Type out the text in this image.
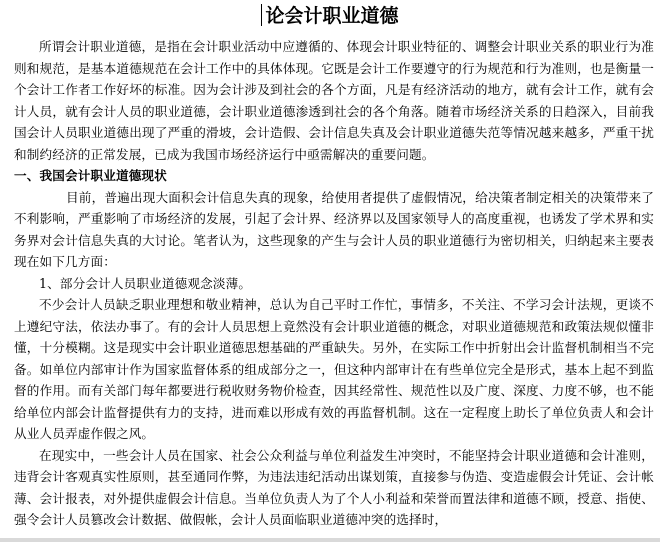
论会计职业道德

所谓会计职业道德，是指在会计职业活动中应遵循的、体现会计职业特征的、调整会计职业关系的职业行为准则和规范，是基本道德规范在会计工作中的具体体现。它既是会计工作要遵守的行为规范和行为准则，也是衡量一个会计工作者工作好坏的标准。因为会计涉及到社会的各个方面，凡是有经济活动的地方，就有会计工作，就有会计人员，就有会计人员的职业道德，会计职业道德渗透到社会的各个角落。随着市场经济关系的日趋深入，目前我国会计人员职业道德出现了严重的滑坡，会计造假、会计信息失真及会计职业道德失范等情况越来越多，严重干扰和制约经济的正常发展，已成为我国市场经济运行中亟需解决的重要问题。

一、我国会计职业道德现状

目前，普遍出现大面积会计信息失真的现象，给使用者提供了虚假情况，给决策者制定相关的决策带来了不利影响，严重影响了市场经济的发展，引起了会计界、经济界以及国家领导人的高度重视，也诱发了学术界和实务界对会计信息失真的大讨论。笔者认为，这些现象的产生与会计人员的职业道德行为密切相关，归纳起来主要表现在如下几方面：

1、部分会计人员职业道德观念淡薄。

不少会计人员缺乏职业理想和敬业精神，总认为自己平时工作忙，事情多，不关注、不学习会计法规，更谈不上遵纪守法，依法办事了。有的会计人员思想上竟然没有会计职业道德的概念，对职业道德规范和政策法规似懂非懂，十分模糊。这是现实中会计职业道德思想基础的严重缺失。另外，在实际工作中折射出会计监督机制相当不完备。如单位内部审计作为国家监督体系的组成部分之一，但这种内部审计在有些单位完全是形式，基本上起不到监督的作用。而有关部门每年都要进行税收财务物价检查，因其经常性、规范性以及广度、深度、力度不够，也不能给单位内部会计监督提供有力的支持，进而难以形成有效的再监督机制。这在一定程度上助长了单位负责人和会计从业人员弄虚作假之风。

在现实中，一些会计人员在国家、社会公众利益与单位利益发生冲突时，不能坚持会计职业道德和会计准则，违背会计客观真实性原则，甚至通同作弊，为违法违纪活动出谋划策，直接参与伪造、变造虚假会计凭证、会计帐薄、会计报表，对外提供虚假会计信息。当单位负责人为了个人小利益和荣誉而置法律和道德不顾，授意、指使、强令会计人员篡改会计数据、做假帐，会计人员面临职业道德冲突的选择时，
